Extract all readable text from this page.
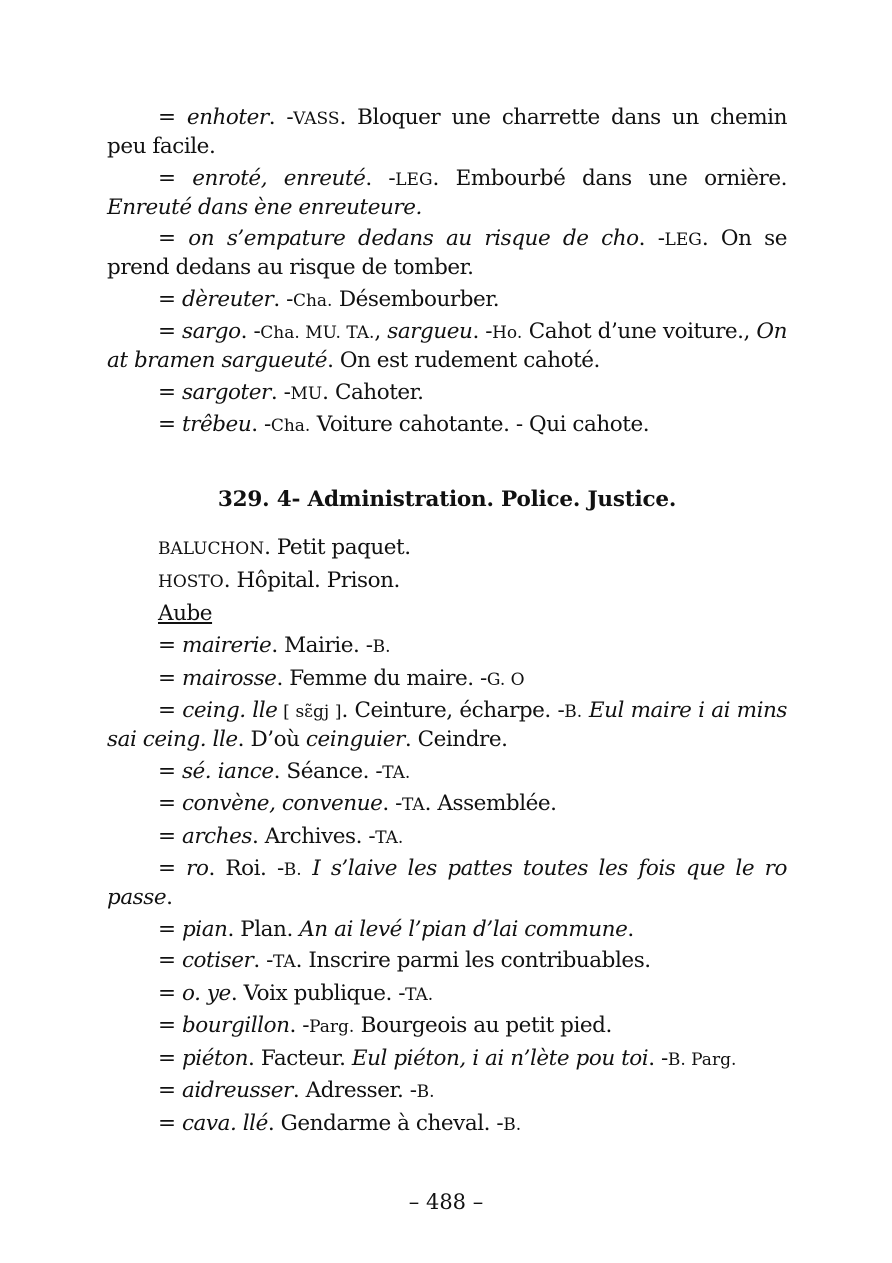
= enhoter. -VASS. Bloquer une charrette dans un chemin peu facile.

= enroté, enreuté. -LEG. Embourbé dans une ornière. Enreuté dans ène enreuteure.

= on s’empature dedans au risque de cho. -LEG. On se prend dedans au risque de tomber.

= dèreuter. -Cha. Désembourber.

= sargo. -Cha. MU. TA., sargueu. -Ho. Cahot d’une voiture., On at bramen sargueuté. On est rudement cahoté.

= sargoter. -MU. Cahoter.

= trêbeu. -Cha. Voiture cahotante. - Qui cahote.

329. 4- Administration. Police. Justice.

BALUCHON. Petit paquet.

HOSTO. Hôpital. Prison.

Aube

= mairerie. Mairie. -B.

= mairosse. Femme du maire. -G. O

= ceing. lle [ sɛ̃gj ]. Ceinture, écharpe. -B. Eul maire i ai mins sai ceing. lle. D’où ceinguier. Ceindre.

= sé. iance. Séance. -TA.

= convène, convenue. -TA. Assemblée.

= arches. Archives. -TA.

= ro. Roi. -B. I s’laive les pattes toutes les fois que le ro passe.

= pian. Plan. An ai levé l’pian d’lai commune.

= cotiser. -TA. Inscrire parmi les contribuables.

= o. ye. Voix publique. -TA.

= bourgillon. -Parg. Bourgeois au petit pied.

= piéton. Facteur. Eul piéton, i ai n’lète pou toi. -B. Parg.

= aidreusser. Adresser. -B.

= cava. llé. Gendarme à cheval. -B.

– 488 –
